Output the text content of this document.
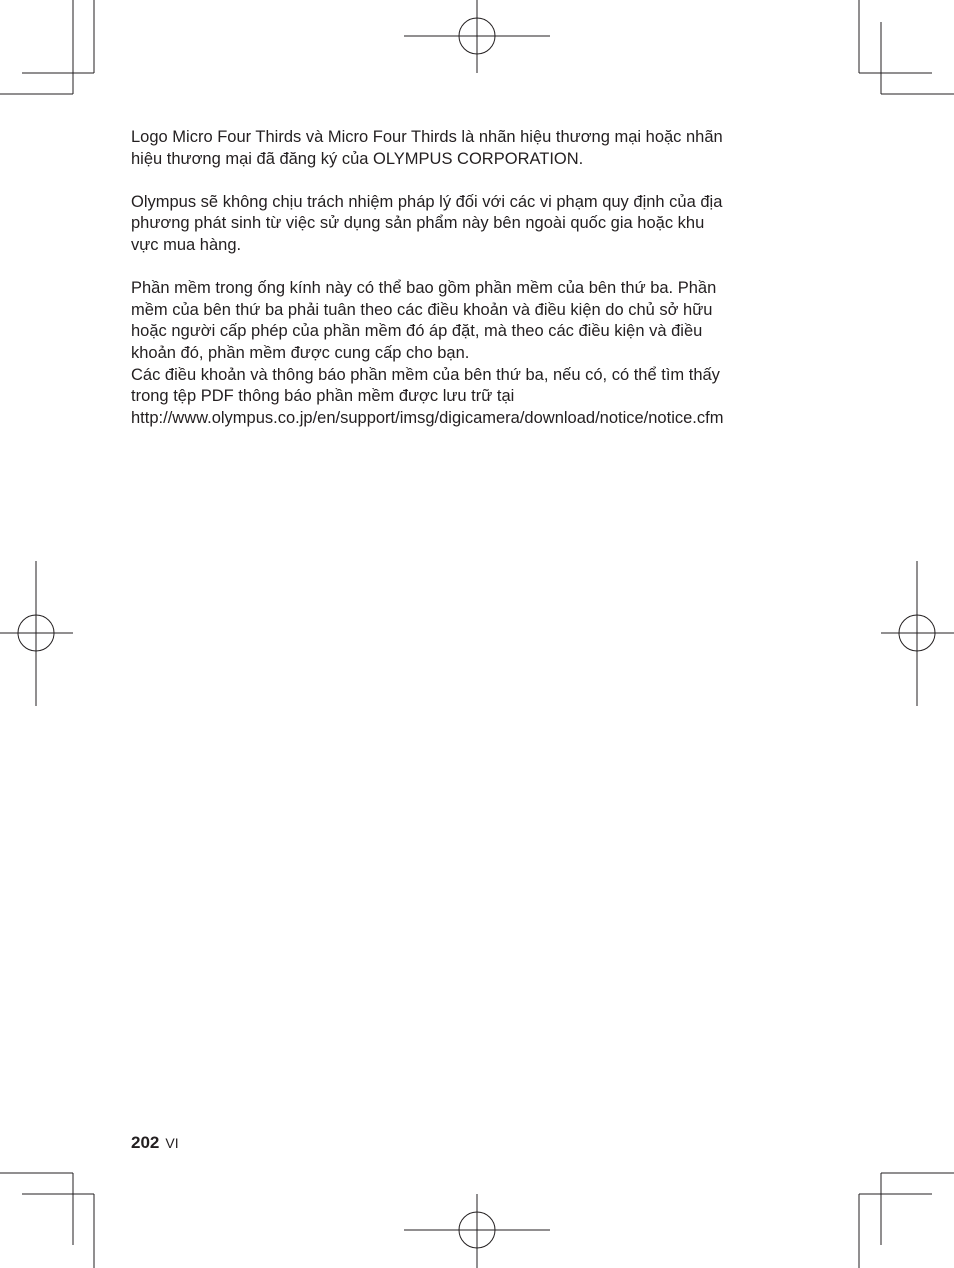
Logo Micro Four Thirds và Micro Four Thirds là nhãn hiệu thương mại hoặc nhãn
hiệu thương mại đã đăng ký của OLYMPUS CORPORATION.

Olympus sẽ không chịu trách nhiệm pháp lý đối với các vi phạm quy định của địa
phương phát sinh từ việc sử dụng sản phẩm này bên ngoài quốc gia hoặc khu
vực mua hàng.

Phần mềm trong ống kính này có thể bao gồm phần mềm của bên thứ ba. Phần
mềm của bên thứ ba phải tuân theo các điều khoản và điều kiện do chủ sở hữu
hoặc người cấp phép của phần mềm đó áp đặt, mà theo các điều kiện và điều
khoản đó, phần mềm được cung cấp cho bạn.

Các điều khoản và thông báo phần mềm của bên thứ ba, nếu có, có thể tìm thấy
trong tệp PDF thông báo phần mềm được lưu trữ tại
http://www.olympus.co.jp/en/support/imsg/digicamera/download/notice/notice.cfm

202 VI
